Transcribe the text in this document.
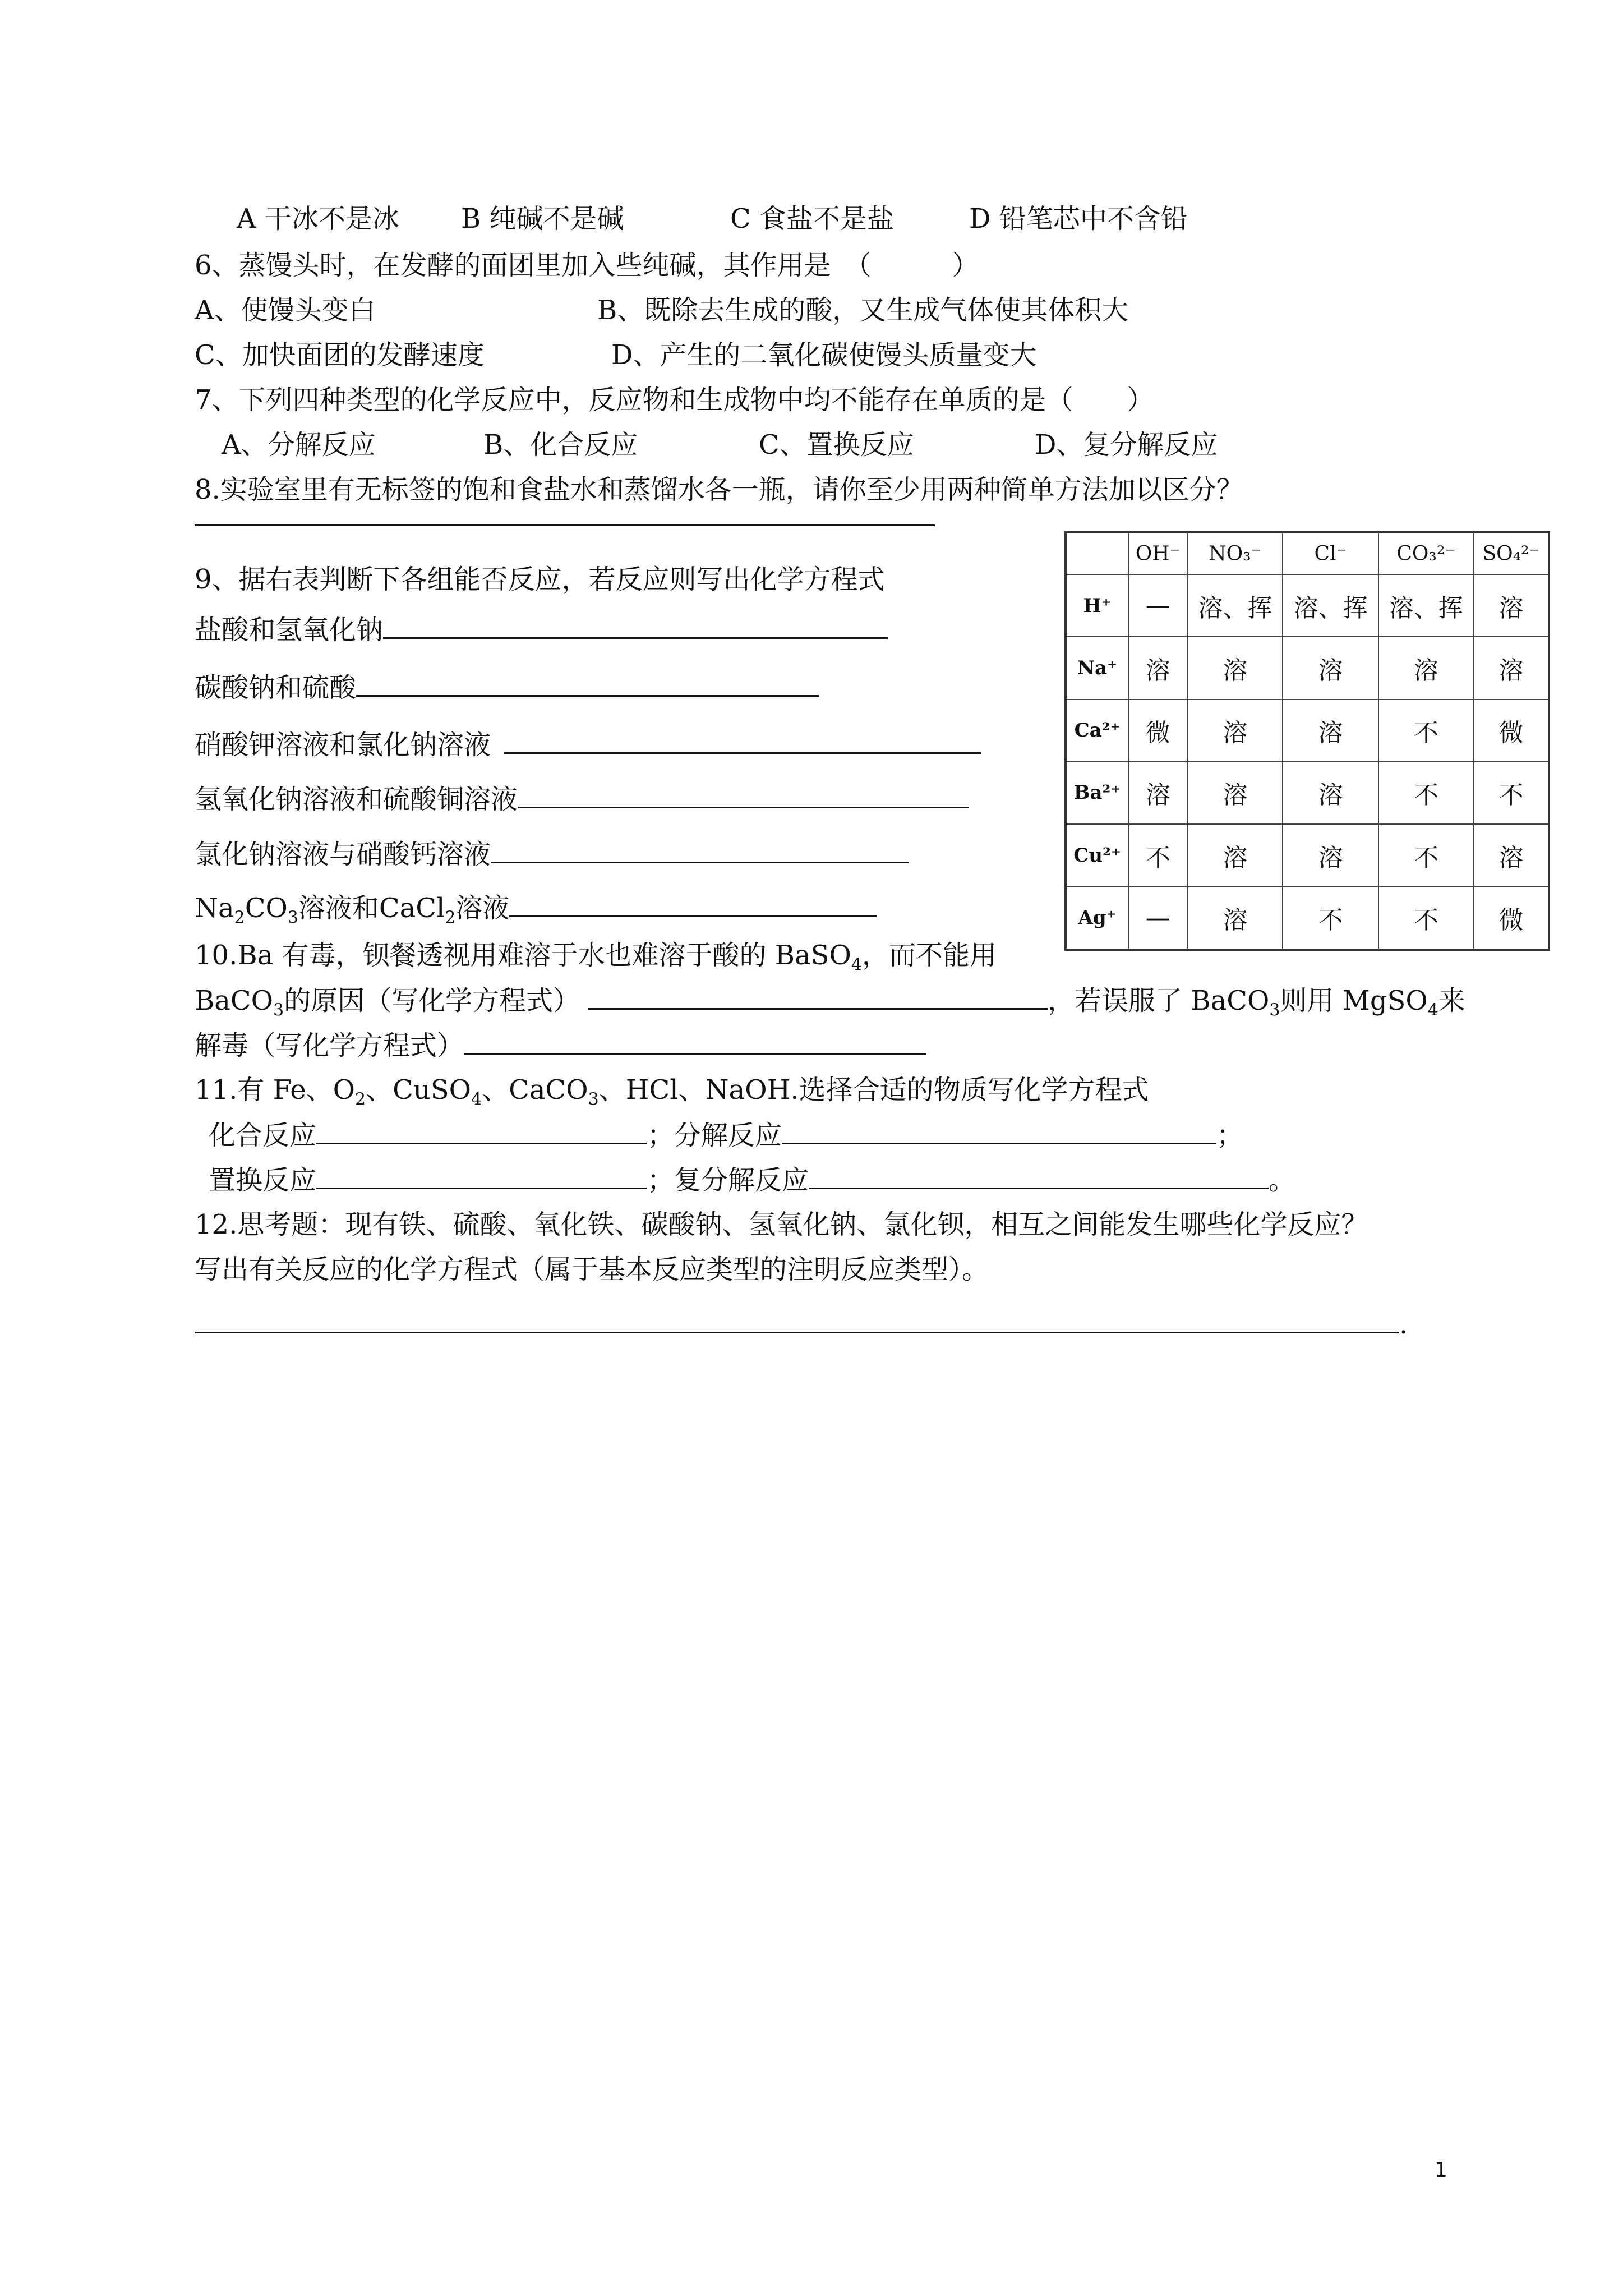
A 干冰不是冰 B 纯碱不是碱	C 食盐不是盐	D 铅笔芯中不含铅
6、蒸馒头时，在发酵的面团里加入些纯碱，其作用是　（　　　）
A、使馒头变白	B、既除去生成的酸，又生成气体使其体积大
C、加快面团的发酵速度	D、产生的二氧化碳使馒头质量变大
7、下列四种类型的化学反应中，反应物和生成物中均不能存在单质的是（　　）
A、分解反应	B、化合反应	C、置换反应	D、复分解反应
8.实验室里有无标签的饱和食盐水和蒸馏水各一瓶，请你至少用两种简单方法加以区分？
9、据右表判断下各组能否反应，若反应则写出化学方程式
盐酸和氢氧化钠
碳酸钠和硫酸
硝酸钾溶液和氯化钠溶液
氢氧化钠溶液和硫酸铜溶液
氯化钠溶液与硝酸钙溶液
$Na_2CO_3$溶液和CaCl$_2$溶液
	OH⁻	NO₃⁻	Cl⁻	CO₃²⁻	SO₄²⁻
H⁺	—	溶、挥	溶、挥	溶、挥	溶
Na⁺	溶	溶	溶	溶	溶
Ca²⁺	微	溶	溶	不	微
Ba²⁺	溶	溶	溶	不	不
Cu²⁺	不	溶	溶	不	溶
Ag⁺	—	溶	不	不	微
10.Ba 有毒，钡餐透视用难溶于水也难溶于酸的 BaSO$_4$，而不能用
BaCO$_3$的原因（写化学方程式）	，若误服了 BaCO$_3$则用 MgSO$_4$来
解毒（写化学方程式）
11.有 Fe、$O_2$、CuSO$_4$、CaCO$_3$、HCl、NaOH.选择合适的物质写化学方程式
化合反应	；分解反应	；
置换反应	；复分解反应	。
12.思考题：现有铁、硫酸、氧化铁、碳酸钠、氢氧化钠、氯化钡，相互之间能发生哪些化学反应？
写出有关反应的化学方程式（属于基本反应类型的注明反应类型）。
.
1
